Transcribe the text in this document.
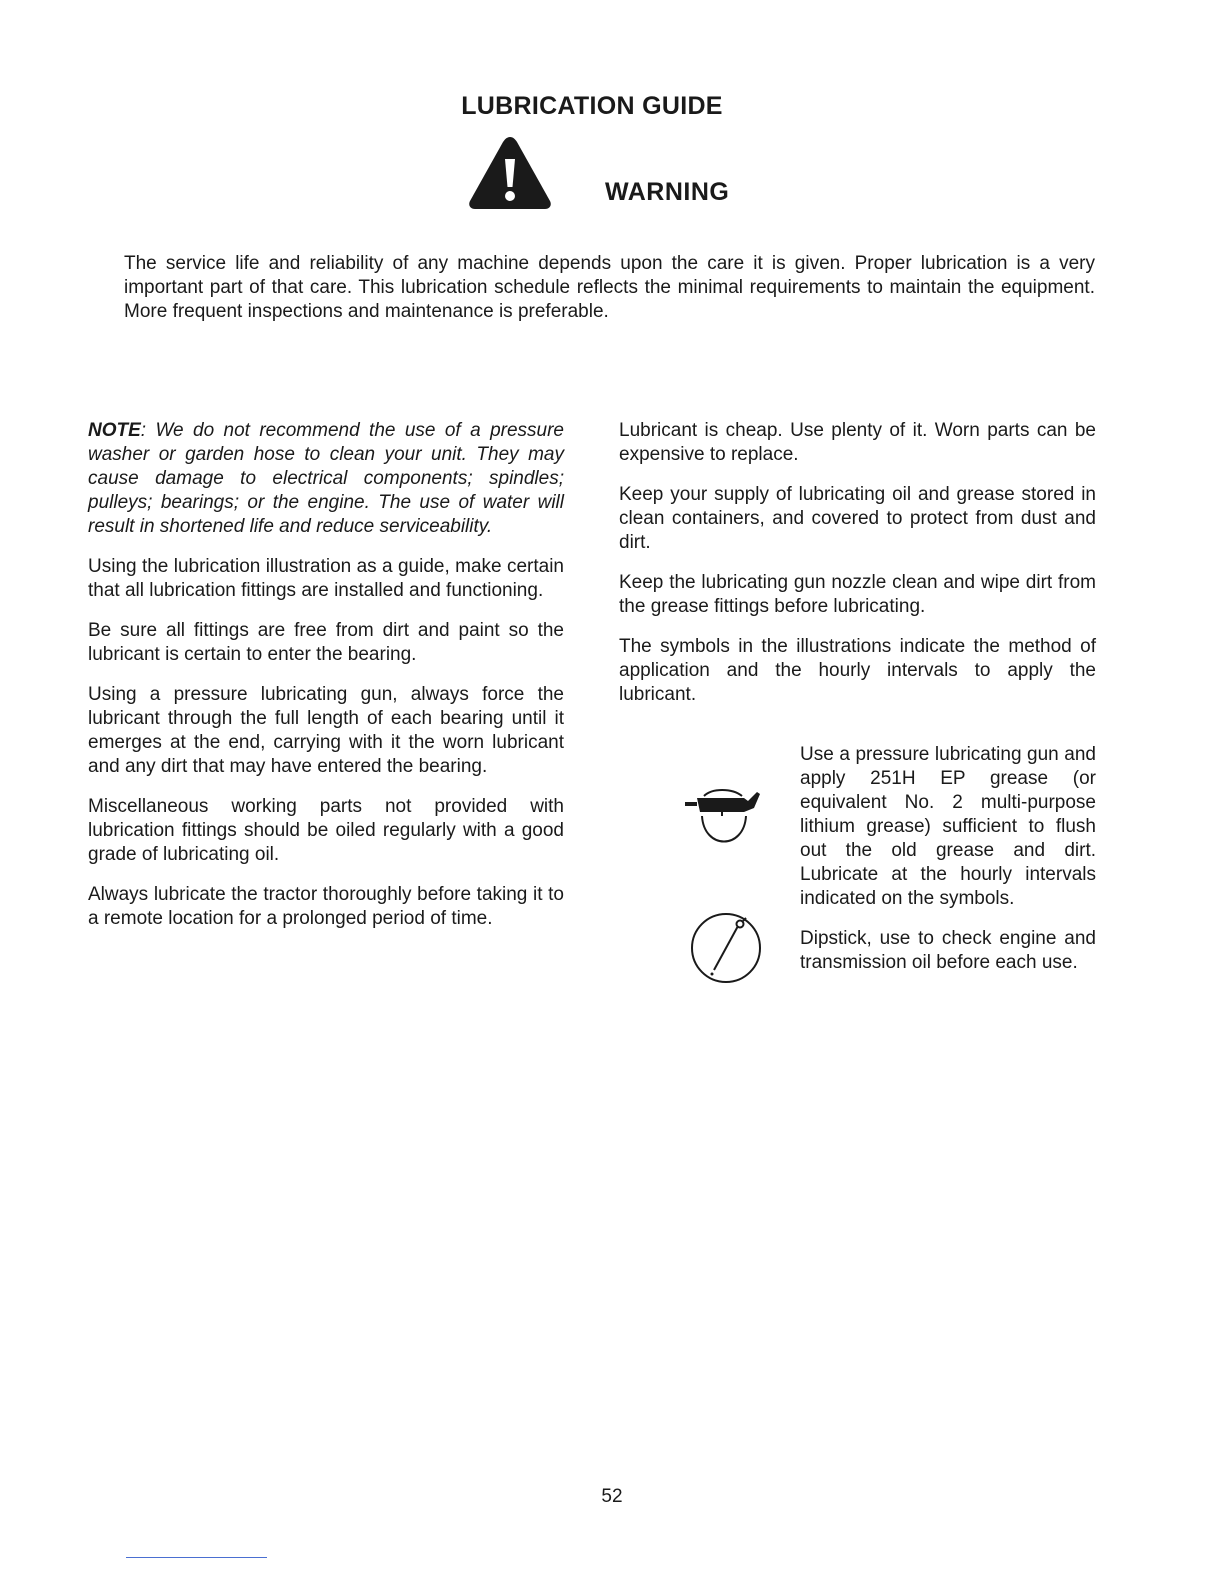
LUBRICATION GUIDE
WARNING

The service life and reliability of any machine depends upon the care it is given. Proper lubrication is a very important part of that care. This lubrication schedule reflects the minimal requirements to maintain the equipment. More frequent inspections and maintenance is preferable.

NOTE: We do not recommend the use of a pressure washer or garden hose to clean your unit. They may cause damage to electrical components; spindles; pulleys; bearings; or the engine. The use of water will result in shortened life and reduce serviceability.

Using the lubrication illustration as a guide, make certain that all lubrication fittings are installed and functioning.

Be sure all fittings are free from dirt and paint so the lubricant is certain to enter the bearing.

Using a pressure lubricating gun, always force the lubricant through the full length of each bearing until it emerges at the end, carrying with it the worn lubricant and any dirt that may have entered the bearing.

Miscellaneous working parts not provided with lubrication fittings should be oiled regularly with a good grade of lubricating oil.

Always lubricate the tractor thoroughly before taking it to a remote location for a prolonged period of time.

Lubricant is cheap. Use plenty of it. Worn parts can be expensive to replace.

Keep your supply of lubricating oil and grease stored in clean containers, and covered to protect from dust and dirt.

Keep the lubricating gun nozzle clean and wipe dirt from the grease fittings before lubricating.

The symbols in the illustrations indicate the method of application and the hourly intervals to apply the lubricant.

Use a pressure lubricating gun and apply 251H EP grease (or equivalent No. 2 multi-purpose lithium grease) sufficient to flush out the old grease and dirt. Lubricate at the hourly intervals indicated on the symbols.

Dipstick, use to check engine and transmission oil before each use.

52
